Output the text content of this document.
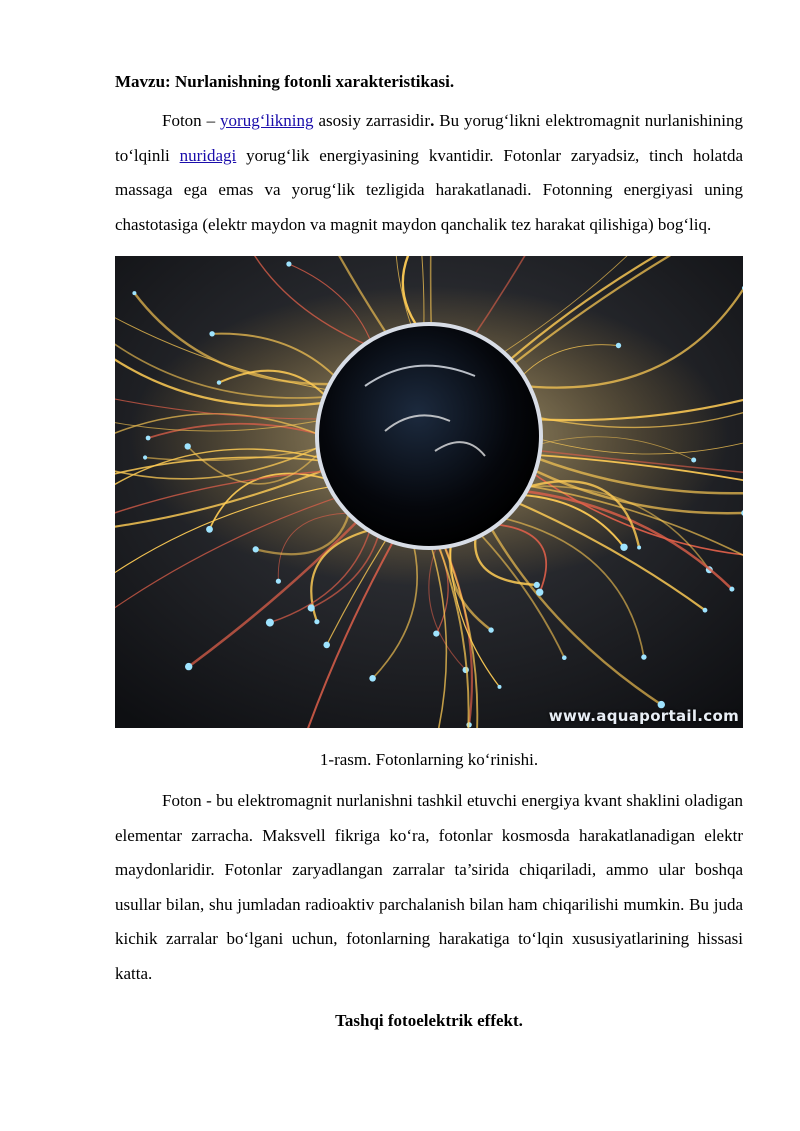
Mavzu: Nurlanishning fotonli xarakteristikasi.

Foton – yorug‘likning asosiy zarrasidir. Bu yorug‘likni elektromagnit nurlanishining to‘lqinli nuridagi yorug‘lik energiyasining kvantidir. Fotonlar zaryadsiz, tinch holatda massaga ega emas va yorug‘lik tezligida harakatlanadi. Fotonning energiyasi uning chastotasiga (elektr maydon va magnit maydon qanchalik tez harakat qilishiga) bog‘liq.

www.aquaportail.com
1-rasm. Fotonlarning ko‘rinishi.

Foton - bu elektromagnit nurlanishni tashkil etuvchi energiya kvant shaklini oladigan elementar zarracha. Maksvell fikriga ko‘ra, fotonlar kosmosda harakatlanadigan elektr maydonlaridir. Fotonlar zaryadlangan zarralar ta’sirida chiqariladi, ammo ular boshqa usullar bilan, shu jumladan radioaktiv parchalanish bilan ham chiqarilishi mumkin. Bu juda kichik zarralar bo‘lgani uchun, fotonlarning harakatiga to‘lqin xususiyatlarining hissasi katta.

Tashqi fotoelektrik effekt.
